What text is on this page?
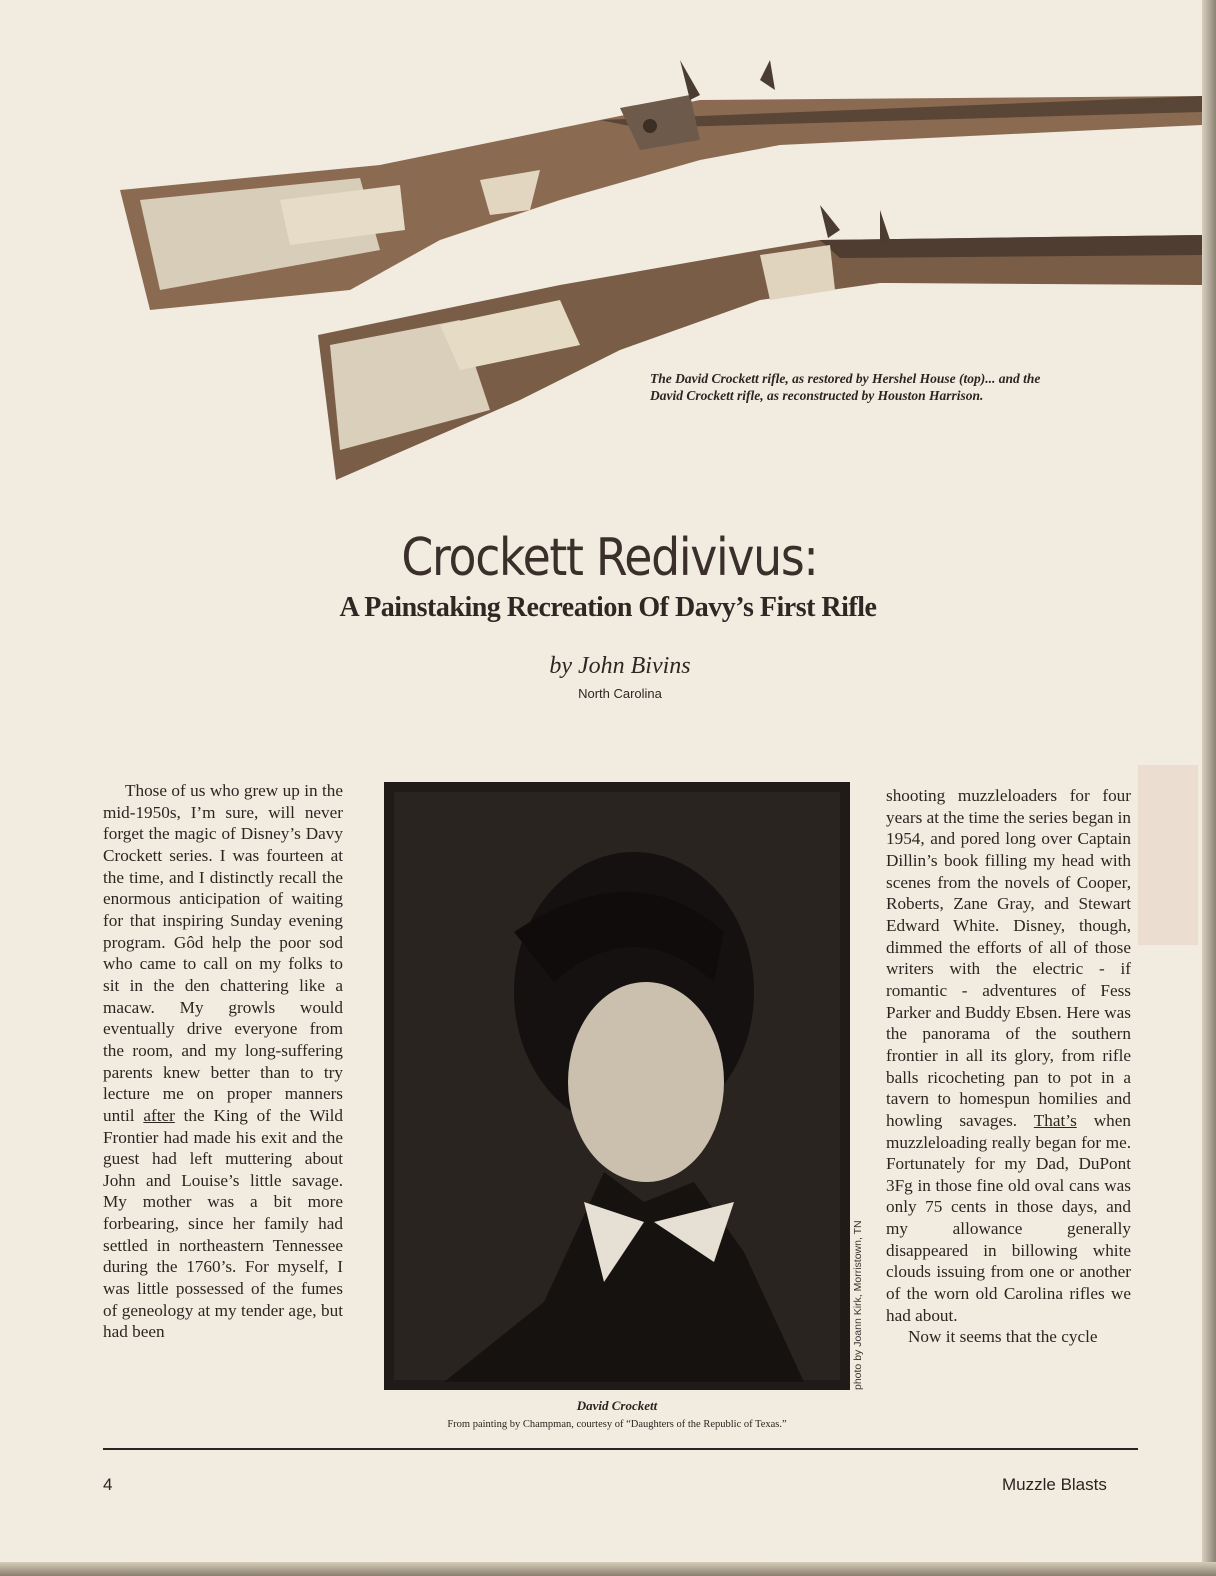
The David Crockett rifle, as restored by Hershel House (top)... and the
David Crockett rifle, as reconstructed by Houston Harrison.
Crockett Redivivus:
A Painstaking Recreation Of Davy’s First Rifle
by John Bivins
North Carolina

Those of us who grew up in the mid-1950s, I’m sure, will never forget the magic of Disney’s Davy Crockett series. I was fourteen at the time, and I distinctly recall the enormous anticipation of waiting for that inspiring Sunday evening program. Gôd help the poor sod who came to call on my folks to sit in the den chattering like a macaw. My growls would eventually drive everyone from the room, and my long-suffering parents knew better than to try lecture me on proper manners until after the King of the Wild Frontier had made his exit and the guest had left muttering about John and Louise’s little savage. My mother was a bit more forbearing, since her family had settled in northeastern Tennessee during the 1760’s. For myself, I was little possessed of the fumes of geneology at my tender age, but had been	photo by Joann Kirk, Morristown, TN
David Crockett
From painting by Champman, courtesy of “Daughters of the Republic of Texas.”

shooting muzzleloaders for four years at the time the series began in 1954, and pored long over Captain Dillin’s book filling my head with scenes from the novels of Cooper, Roberts, Zane Gray, and Stewart Edward White. Disney, though, dimmed the efforts of all of those writers with the electric - if romantic - adventures of Fess Parker and Buddy Ebsen. Here was the panorama of the southern frontier in all its glory, from rifle balls ricocheting pan to pot in a tavern to homespun homilies and howling savages. That’s when muzzleloading really began for me. Fortunately for my Dad, DuPont 3Fg in those fine old oval cans was only 75 cents in those days, and my allowance generally disappeared in billowing white clouds issuing from one or another of the worn old Carolina rifles we had about.

Now it seems that the cycle

4	Muzzle Blasts
